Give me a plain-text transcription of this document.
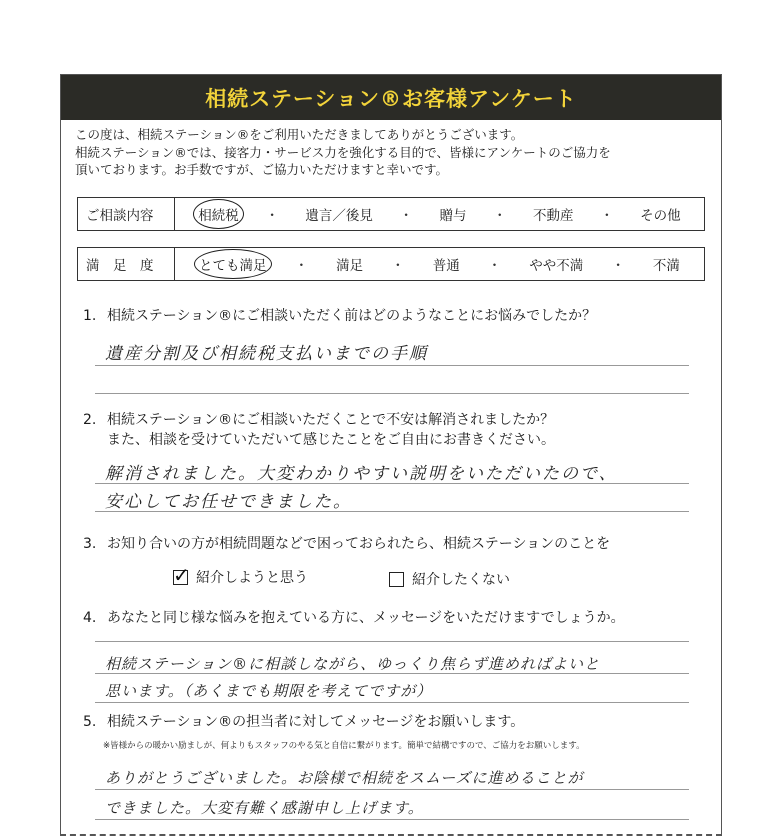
相続ステーション®お客様アンケート
この度は、相続ステーション®をご利用いただきましてありがとうございます。
相続ステーション®では、接客力・サービス力を強化する目的で、皆様にアンケートのご協力を
頂いております。お手数ですが、ご協力いただけますと幸いです。
ご相談内容	相続税 ・ 遺言／後見 ・ 贈与 ・ 不動産 ・ その他
満　足　度	とても満足 ・ 満足 ・ 普通 ・ やや不満 ・ 不満
1. 相続ステーション®にご相談いただく前はどのようなことにお悩みでしたか？
遺産分割及び相続税支払いまでの手順
2. 相続ステーション®にご相談いただくことで不安は解消されましたか？
また、相談を受けていただいて感じたことをご自由にお書きください。
解消されました。大変わかりやすい説明をいただいたので、
安心してお任せできました。
3. お知り合いの方が相続問題などで困っておられたら、相続ステーションのことを
✓
紹介しようと思う	紹介したくない
4. あなたと同じ様な悩みを抱えている方に、メッセージをいただけますでしょうか。
相続ステーション®に相談しながら、ゆっくり焦らず進めればよいと
思います。（あくまでも期限を考えてですが）
5. 相続ステーション®の担当者に対してメッセージをお願いします。
※皆様からの暖かい励ましが、何よりもスタッフのやる気と自信に繋がります。簡単で結構ですので、ご協力をお願いします。
ありがとうございました。お陰様で相続をスムーズに進めることが
できました。大変有難く感謝申し上げます。
